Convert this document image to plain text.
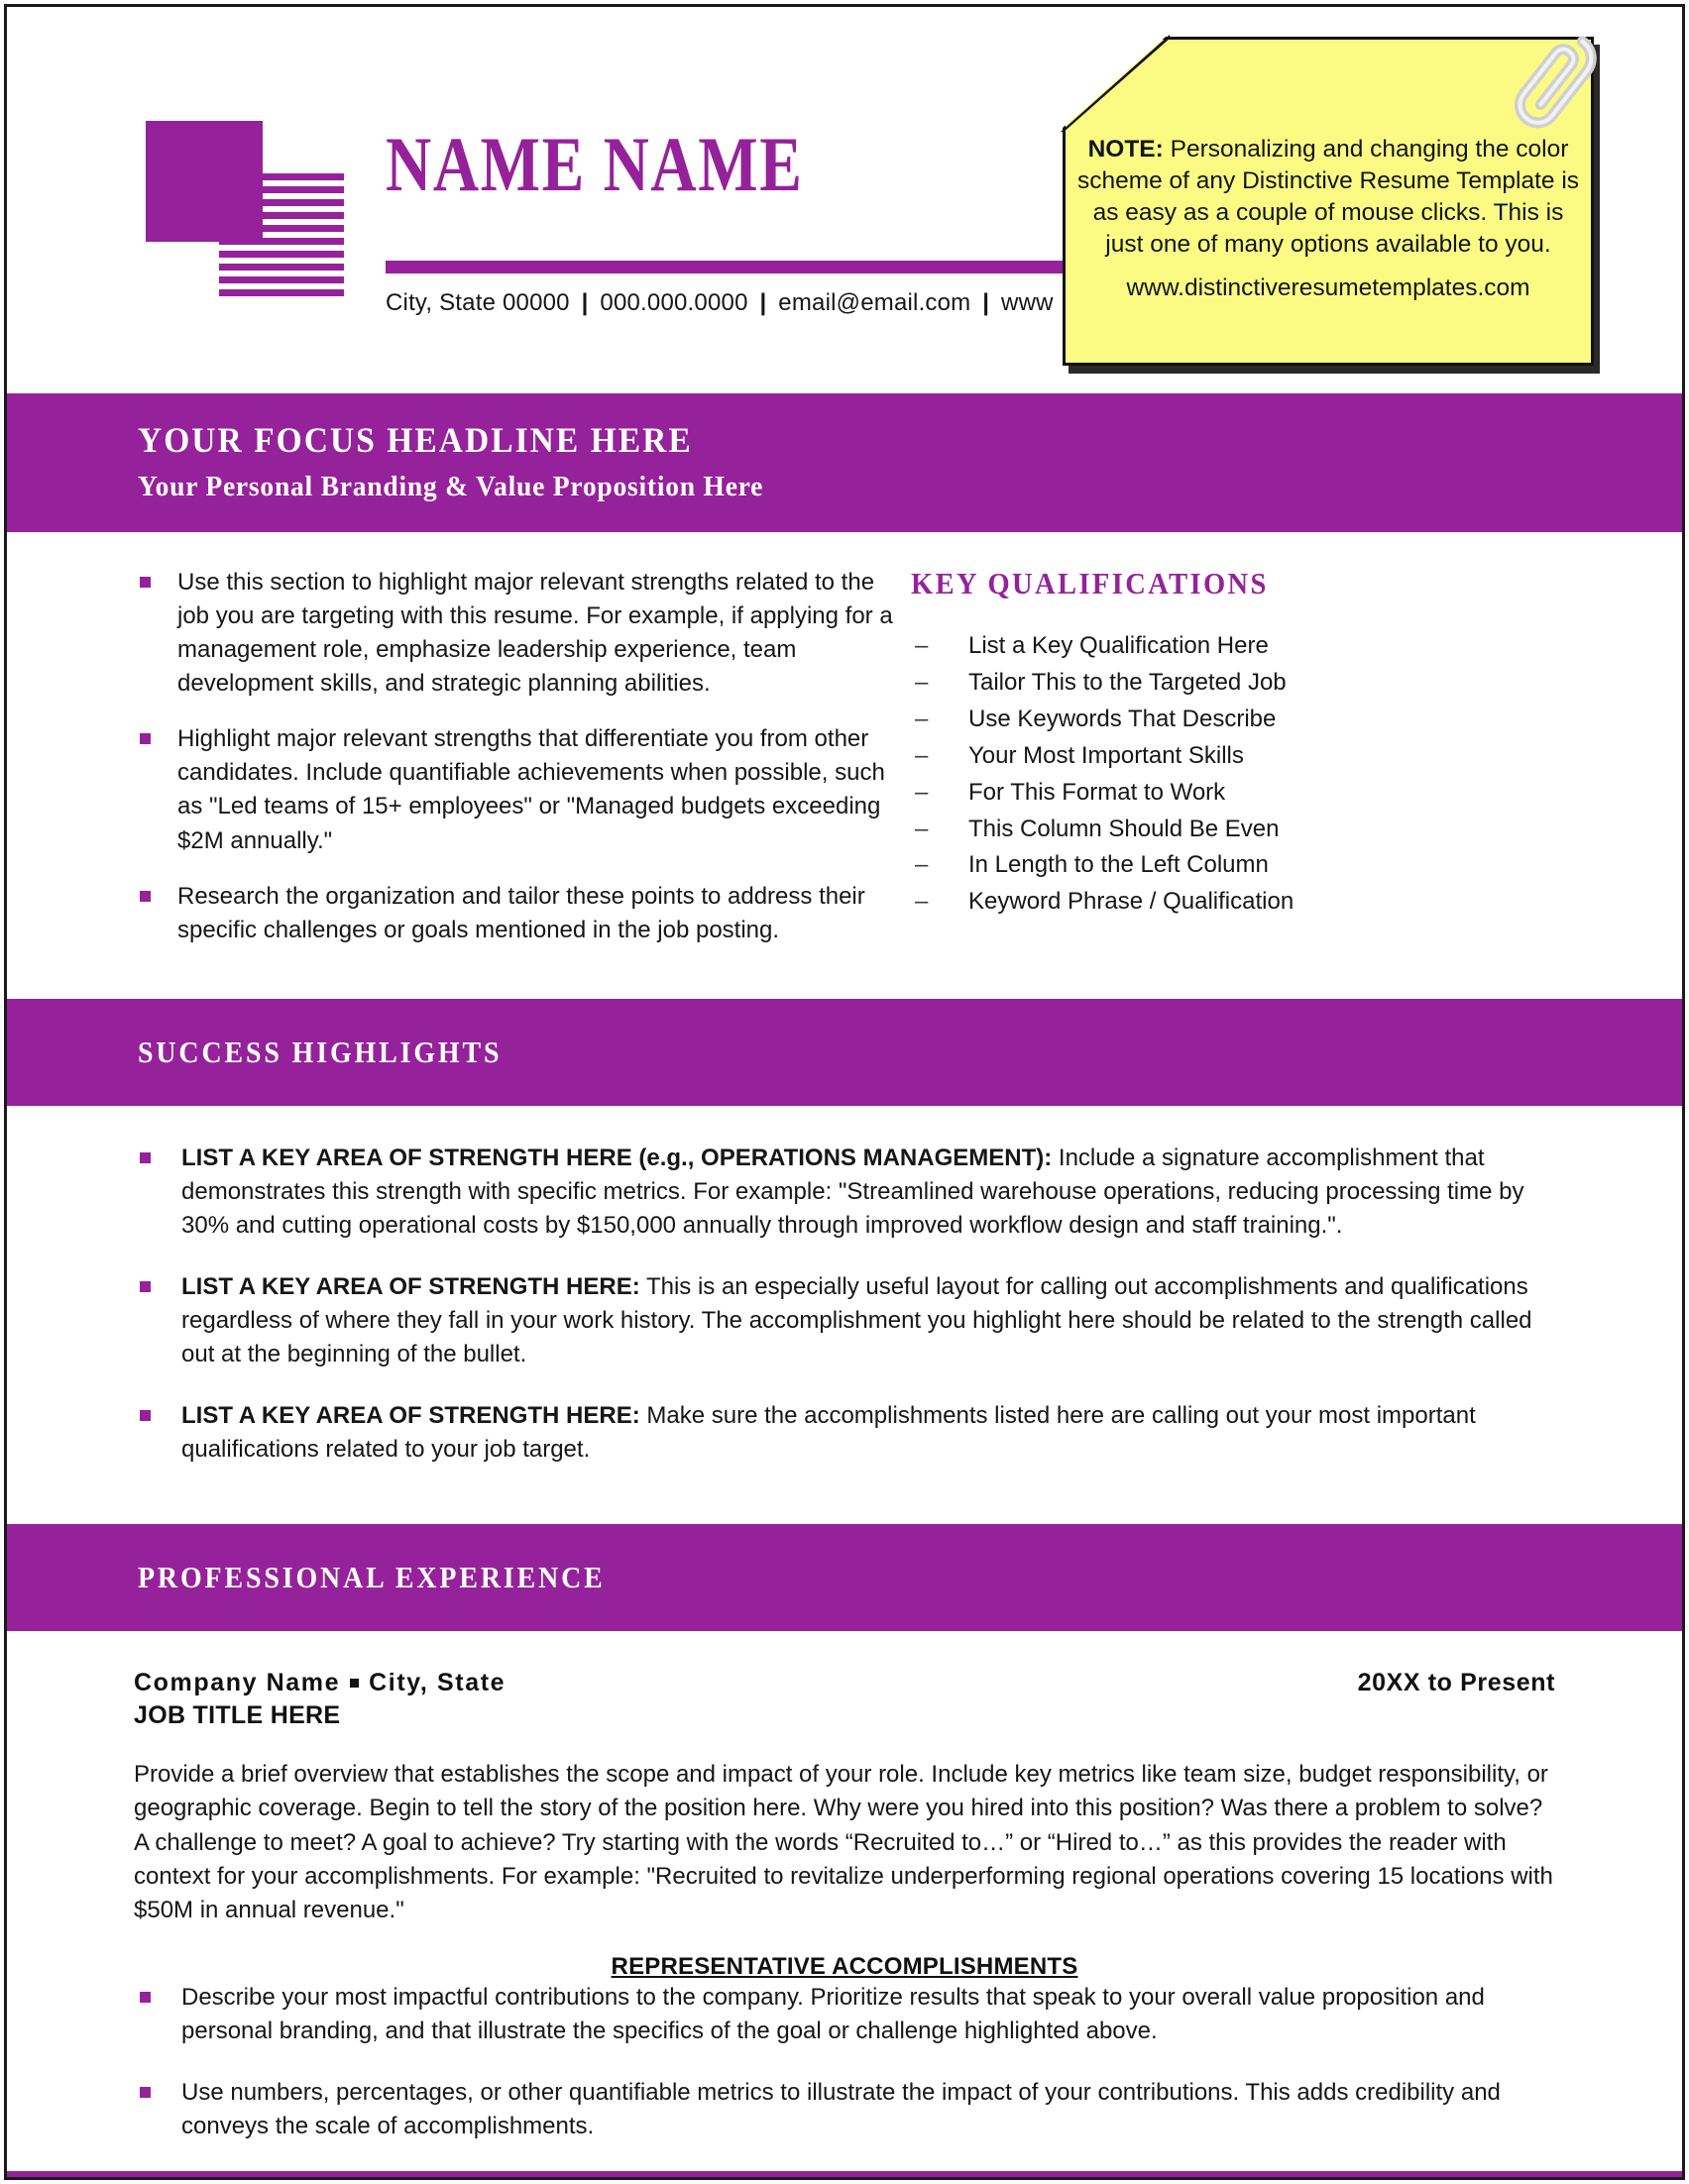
NAME NAME
City, State 00000 | 000.000.0000 | email@email.com | www
NOTE: Personalizing and changing the color scheme of any Distinctive Resume Template is as easy as a couple of mouse clicks. This is just one of many options available to you.
www.distinctiveresumetemplates.com
YOUR FOCUS HEADLINE HERE
Your Personal Branding & Value Proposition Here
Use this section to highlight major relevant strengths related to the job you are targeting with this resume. For example, if applying for a management role, emphasize leadership experience, team development skills, and strategic planning abilities.
Highlight major relevant strengths that differentiate you from other candidates. Include quantifiable achievements when possible, such as "Led teams of 15+ employees" or "Managed budgets exceeding $2M annually."
Research the organization and tailor these points to address their specific challenges or goals mentioned in the job posting.
KEY QUALIFICATIONS
– List a Key Qualification Here
– Tailor This to the Targeted Job
– Use Keywords That Describe
– Your Most Important Skills
– For This Format to Work
– This Column Should Be Even
– In Length to the Left Column
– Keyword Phrase / Qualification
SUCCESS HIGHLIGHTS
LIST A KEY AREA OF STRENGTH HERE (e.g., OPERATIONS MANAGEMENT): Include a signature accomplishment that demonstrates this strength with specific metrics. For example: "Streamlined warehouse operations, reducing processing time by 30% and cutting operational costs by $150,000 annually through improved workflow design and staff training.".
LIST A KEY AREA OF STRENGTH HERE: This is an especially useful layout for calling out accomplishments and qualifications regardless of where they fall in your work history. The accomplishment you highlight here should be related to the strength called out at the beginning of the bullet.
LIST A KEY AREA OF STRENGTH HERE: Make sure the accomplishments listed here are calling out your most important qualifications related to your job target.
PROFESSIONAL EXPERIENCE
Company Name City, State	20XX to Present
JOB TITLE HERE
Provide a brief overview that establishes the scope and impact of your role. Include key metrics like team size, budget responsibility, or geographic coverage. Begin to tell the story of the position here. Why were you hired into this position? Was there a problem to solve? A challenge to meet? A goal to achieve? Try starting with the words “Recruited to…” or “Hired to…” as this provides the reader with context for your accomplishments. For example: "Recruited to revitalize underperforming regional operations covering 15 locations with $50M in annual revenue."
REPRESENTATIVE ACCOMPLISHMENTS
Describe your most impactful contributions to the company. Prioritize results that speak to your overall value proposition and personal branding, and that illustrate the specifics of the goal or challenge highlighted above.
Use numbers, percentages, or other quantifiable metrics to illustrate the impact of your contributions. This adds credibility and conveys the scale of accomplishments.
